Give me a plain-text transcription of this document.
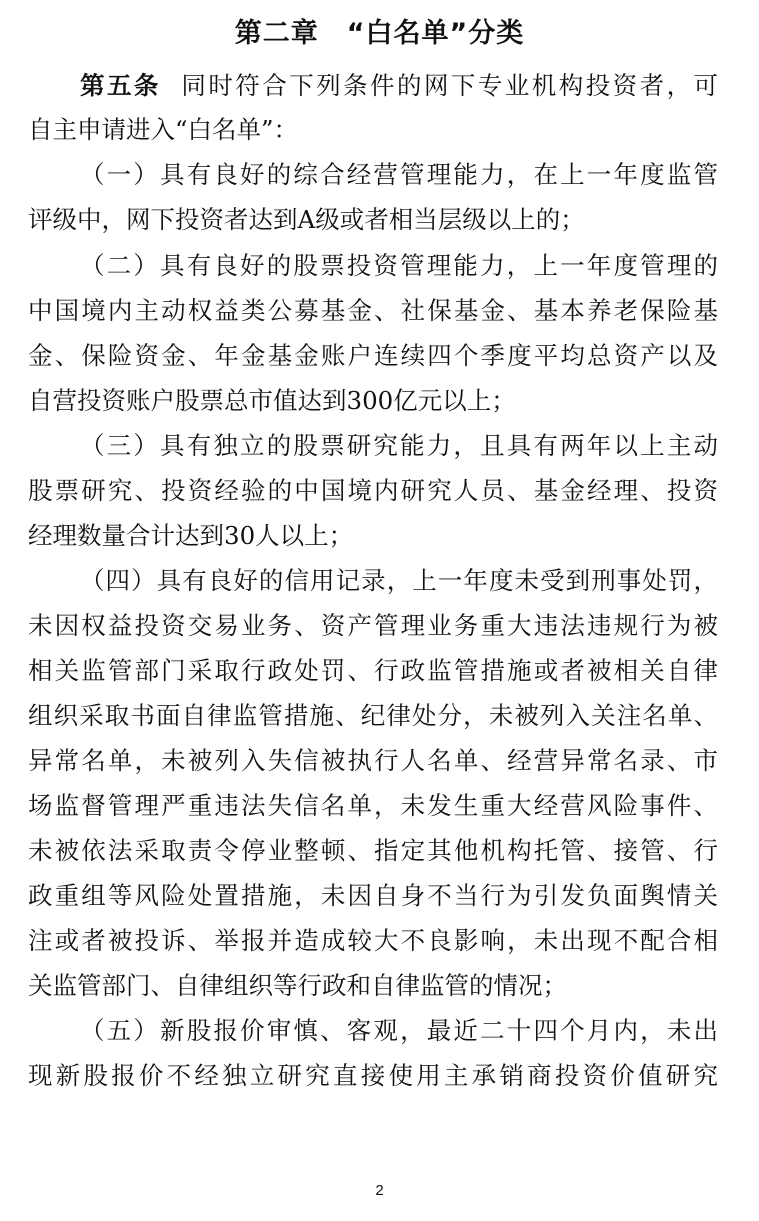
第二章　“白名单”分类
第五条 同时符合下列条件的网下专业机构投资者，可
自主申请进入“白名单”：
（一）具有良好的综合经营管理能力，在上一年度监管
评级中，网下投资者达到A级或者相当层级以上的；
（二）具有良好的股票投资管理能力，上一年度管理的
中国境内主动权益类公募基金、社保基金、基本养老保险基
金、保险资金、年金基金账户连续四个季度平均总资产以及
自营投资账户股票总市值达到300亿元以上；
（三）具有独立的股票研究能力，且具有两年以上主动
股票研究、投资经验的中国境内研究人员、基金经理、投资
经理数量合计达到30人以上；
（四）具有良好的信用记录，上一年度未受到刑事处罚，
未因权益投资交易业务、资产管理业务重大违法违规行为被
相关监管部门采取行政处罚、行政监管措施或者被相关自律
组织采取书面自律监管措施、纪律处分，未被列入关注名单、
异常名单，未被列入失信被执行人名单、经营异常名录、市
场监督管理严重违法失信名单，未发生重大经营风险事件、
未被依法采取责令停业整顿、指定其他机构托管、接管、行
政重组等风险处置措施，未因自身不当行为引发负面舆情关
注或者被投诉、举报并造成较大不良影响，未出现不配合相
关监管部门、自律组织等行政和自律监管的情况；
（五）新股报价审慎、客观，最近二十四个月内，未出
现新股报价不经独立研究直接使用主承销商投资价值研究
2
